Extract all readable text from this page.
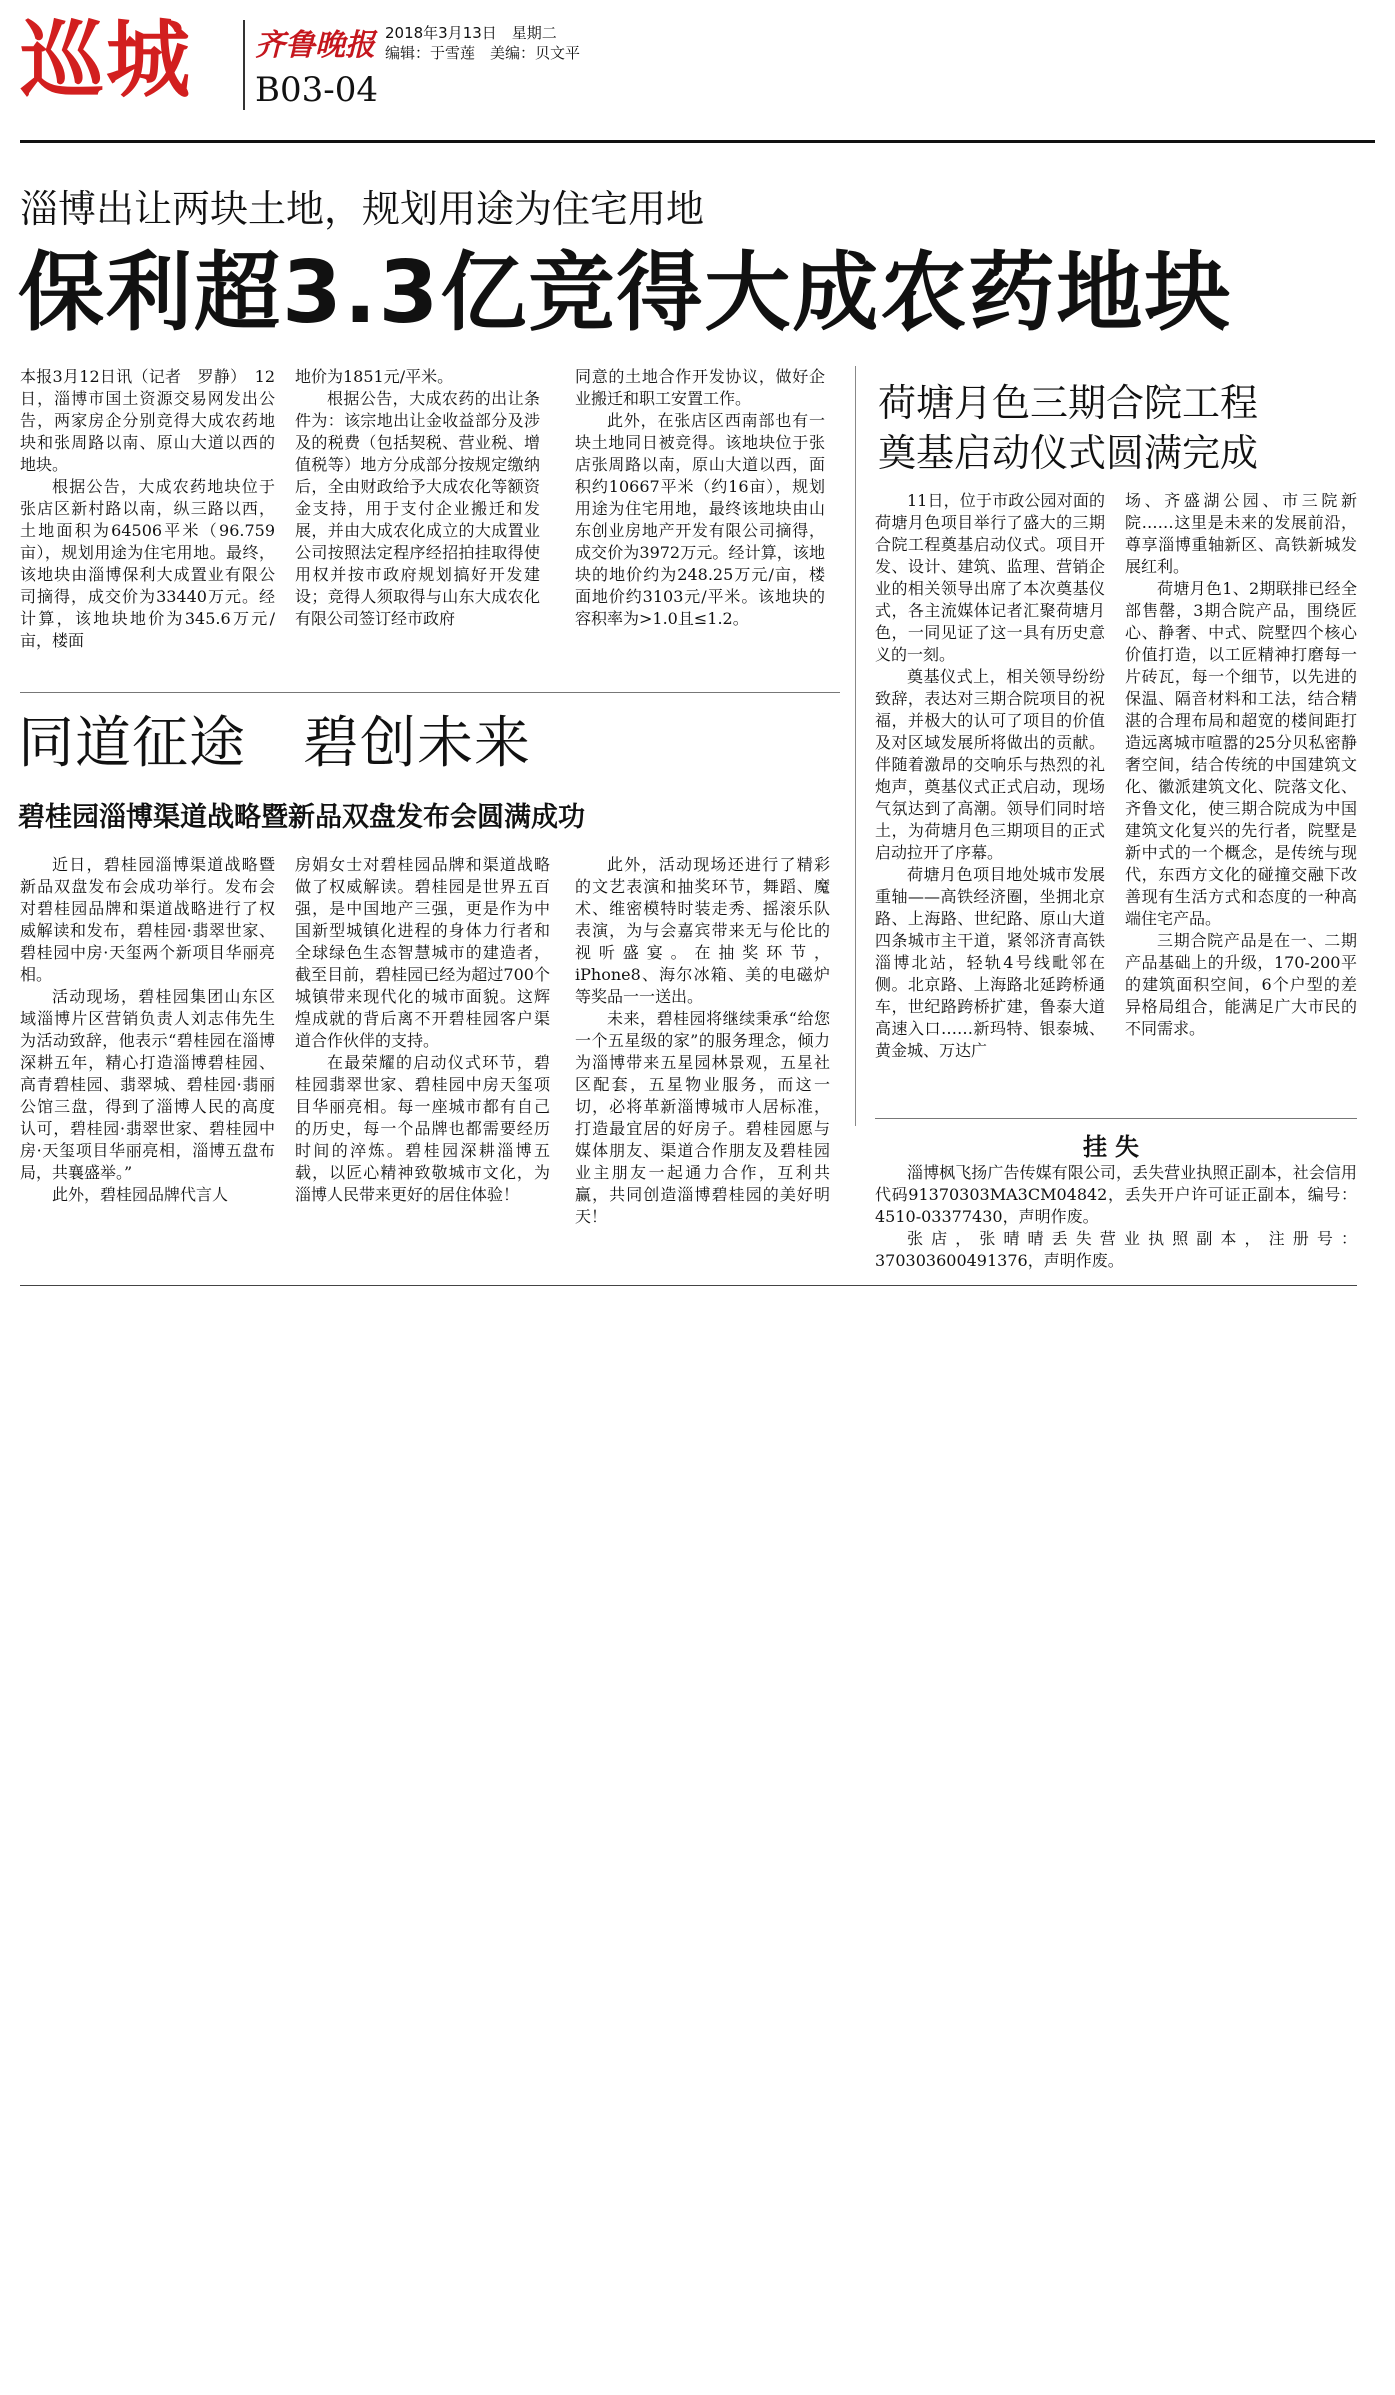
巡城 齐鲁晚报 2018年3月13日　星期二
编辑：于雪莲　美编：贝文平
B03-04
淄博出让两块土地，规划用途为住宅用地
保利超3.3亿竞得大成农药地块

本报3月12日讯（记者　罗静）　12日，淄博市国土资源交易网发出公告，两家房企分别竞得大成农药地块和张周路以南、原山大道以西的地块。

根据公告，大成农药地块位于张店区新村路以南，纵三路以西，土地面积为64506平米（96.759亩），规划用途为住宅用地。最终，该地块由淄博保利大成置业有限公司摘得，成交价为33440万元。经计算，该地块地价为345.6万元/亩，楼面

地价为1851元/平米。

根据公告，大成农药的出让条件为：该宗地出让金收益部分及涉及的税费（包括契税、营业税、增值税等）地方分成部分按规定缴纳后，全由财政给予大成农化等额资金支持，用于支付企业搬迁和发展，并由大成农化成立的大成置业公司按照法定程序经招拍挂取得使用权并按市政府规划搞好开发建设；竞得人须取得与山东大成农化有限公司签订经市政府

同意的土地合作开发协议，做好企业搬迁和职工安置工作。

此外，在张店区西南部也有一块土地同日被竞得。该地块位于张店张周路以南，原山大道以西，面积约10667平米（约16亩），规划用途为住宅用地，最终该地块由山东创业房地产开发有限公司摘得，成交价为3972万元。经计算，该地块的地价约为248.25万元/亩，楼面地价约3103元/平米。该地块的容积率为>1.0且≤1.2。

同道征途　碧创未来
碧桂园淄博渠道战略暨新品双盘发布会圆满成功

近日，碧桂园淄博渠道战略暨新品双盘发布会成功举行。发布会对碧桂园品牌和渠道战略进行了权威解读和发布，碧桂园·翡翠世家、碧桂园中房·天玺两个新项目华丽亮相。

活动现场，碧桂园集团山东区域淄博片区营销负责人刘志伟先生为活动致辞，他表示“碧桂园在淄博深耕五年，精心打造淄博碧桂园、高青碧桂园、翡翠城、碧桂园·翡丽公馆三盘，得到了淄博人民的高度认可，碧桂园·翡翠世家、碧桂园中房·天玺项目华丽亮相，淄博五盘布局，共襄盛举。”

此外，碧桂园品牌代言人

房娟女士对碧桂园品牌和渠道战略做了权威解读。碧桂园是世界五百强，是中国地产三强，更是作为中国新型城镇化进程的身体力行者和全球绿色生态智慧城市的建造者，截至目前，碧桂园已经为超过700个城镇带来现代化的城市面貌。这辉煌成就的背后离不开碧桂园客户渠道合作伙伴的支持。

在最荣耀的启动仪式环节，碧桂园翡翠世家、碧桂园中房天玺项目华丽亮相。每一座城市都有自己的历史，每一个品牌也都需要经历时间的淬炼。碧桂园深耕淄博五载，以匠心精神致敬城市文化，为淄博人民带来更好的居住体验！

此外，活动现场还进行了精彩的文艺表演和抽奖环节，舞蹈、魔术、维密模特时装走秀、摇滚乐队表演，为与会嘉宾带来无与伦比的视听盛宴。在抽奖环节，iPhone8、海尔冰箱、美的电磁炉等奖品一一送出。

未来，碧桂园将继续秉承“给您一个五星级的家”的服务理念，倾力为淄博带来五星园林景观，五星社区配套，五星物业服务，而这一切，必将革新淄博城市人居标准，打造最宜居的好房子。碧桂园愿与媒体朋友、渠道合作朋友及碧桂园业主朋友一起通力合作，互利共赢，共同创造淄博碧桂园的美好明天！

荷塘月色三期合院工程
奠基启动仪式圆满完成

11日，位于市政公园对面的荷塘月色项目举行了盛大的三期合院工程奠基启动仪式。项目开发、设计、建筑、监理、营销企业的相关领导出席了本次奠基仪式，各主流媒体记者汇聚荷塘月色，一同见证了这一具有历史意义的一刻。

奠基仪式上，相关领导纷纷致辞，表达对三期合院项目的祝福，并极大的认可了项目的价值及对区域发展所将做出的贡献。伴随着激昂的交响乐与热烈的礼炮声，奠基仪式正式启动，现场气氛达到了高潮。领导们同时培土，为荷塘月色三期项目的正式启动拉开了序幕。

荷塘月色项目地处城市发展重轴——高铁经济圈，坐拥北京路、上海路、世纪路、原山大道四条城市主干道，紧邻济青高铁淄博北站，轻轨4号线毗邻在侧。北京路、上海路北延跨桥通车，世纪路跨桥扩建，鲁泰大道高速入口……新玛特、银泰城、黄金城、万达广

场、齐盛湖公园、市三院新院……这里是未来的发展前沿，尊享淄博重轴新区、高铁新城发展红利。

荷塘月色1、2期联排已经全部售罄，3期合院产品，围绕匠心、静奢、中式、院墅四个核心价值打造，以工匠精神打磨每一片砖瓦，每一个细节，以先进的保温、隔音材料和工法，结合精湛的合理布局和超宽的楼间距打造远离城市喧嚣的25分贝私密静奢空间，结合传统的中国建筑文化、徽派建筑文化、院落文化、齐鲁文化，使三期合院成为中国建筑文化复兴的先行者，院墅是新中式的一个概念，是传统与现代，东西方文化的碰撞交融下改善现有生活方式和态度的一种高端住宅产品。

三期合院产品是在一、二期产品基础上的升级，170-200平的建筑面积空间，6个户型的差异格局组合，能满足广大市民的不同需求。

挂失

淄博枫飞扬广告传媒有限公司，丢失营业执照正副本，社会信用代码91370303MA3CM04842，丢失开户许可证正副本，编号：4510-03377430，声明作废。

张店，张晴晴丢失营业执照副本，注册号：370303600491376，声明作废。
